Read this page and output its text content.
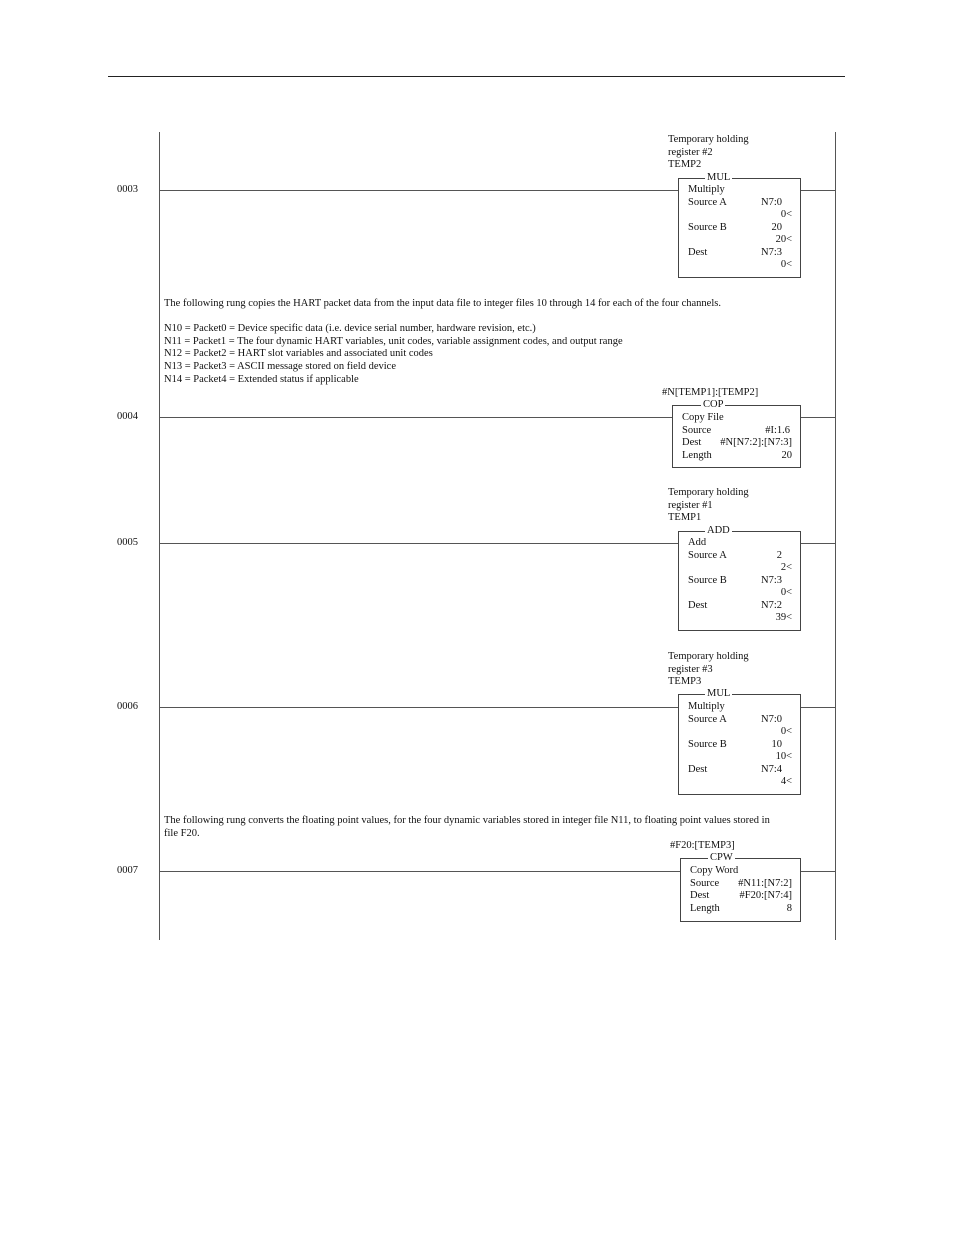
0003
Temporary holding
register #2
TEMP2
MUL
Multiply
Source A	N7:0
0<
Source B	20
20<
Dest	N7:3
0<
The following rung copies the HART packet data from the input data file to integer files 10 through 14 for each of the four channels.
N10 = Packet0 = Device specific data (i.e. device serial number, hardware revision, etc.)
N11 = Packet1 = The four dynamic HART variables, unit codes, variable assignment codes, and output range
N12 = Packet2 = HART slot variables and associated unit codes
N13 = Packet3 = ASCII message stored on field device
N14 = Packet4 = Extended status if applicable
0004
#N[TEMP1]:[TEMP2]
COP
Copy File
Source	#I:1.6
Dest #N[N7:2]:[N7:3]
Length	20
0005
Temporary holding
register #1
TEMP1
ADD
Add
Source A	2
2<
Source B	N7:3
0<
Dest	N7:2
39<
0006
Temporary holding
register #3
TEMP3
MUL
Multiply
Source A	N7:0
0<
Source B	10
10<
Dest	N7:4
4<
The following rung converts the floating point values, for the four dynamic variables stored in integer file N11, to floating point values stored in
file F20.
0007
#F20:[TEMP3]
CPW
Copy Word
Source #N11:[N7:2]
Dest	#F20:[N7:4]
Length	8
